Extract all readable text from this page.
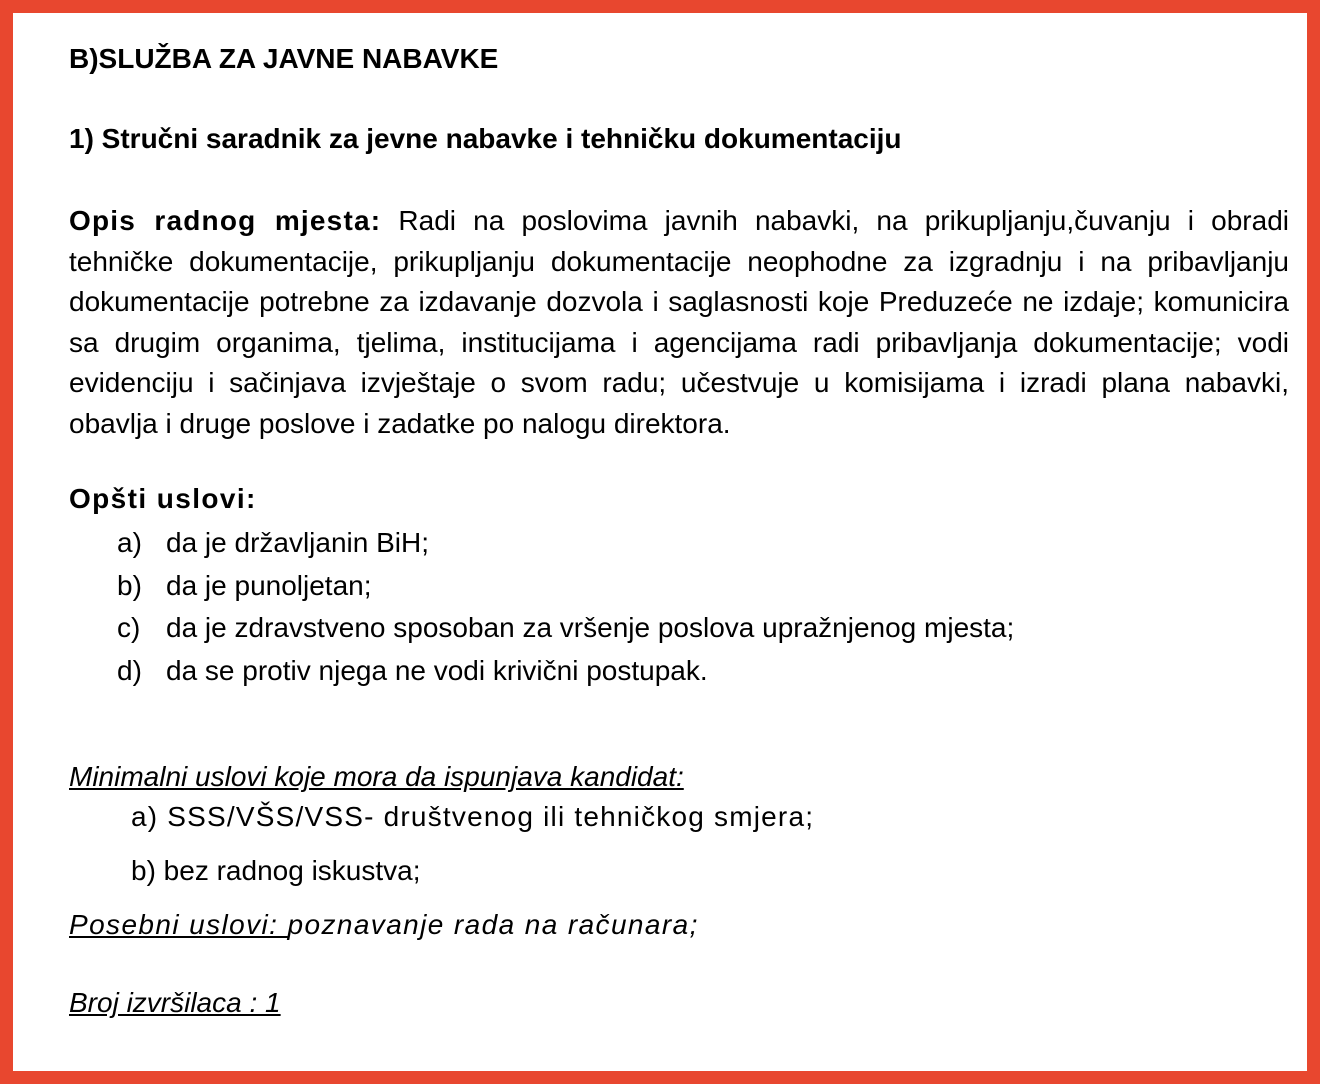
B)SLUŽBA ZA JAVNE NABAVKE
1) Stručni saradnik za jevne nabavke i tehničku dokumentaciju
Opis radnog mjesta: Radi na poslovima javnih nabavki, na prikupljanju,čuvanju i obradi tehničke dokumentacije, prikupljanju dokumentacije neophodne za izgradnju i na pribavljanju dokumentacije potrebne za izdavanje dozvola i saglasnosti koje Preduzeće ne izdaje; komunicira sa drugim organima, tjelima, institucijama i agencijama radi pribavljanja dokumentacije; vodi evidenciju i sačinjava izvještaje o svom radu; učestvuje u komisijama i izradi plana nabavki, obavlja i druge poslove i zadatke po nalogu direktora.
Opšti uslovi:
a) da je državljanin BiH;
b) da je punoljetan;
c) da je zdravstveno sposoban za vršenje poslova upražnjenog mjesta;
d) da se protiv njega ne vodi krivični postupak.
Minimalni uslovi koje mora da ispunjava kandidat:
a) SSS/VŠS/VSS- društvenog ili tehničkog smjera;
b) bez radnog iskustva;
Posebni uslovi: poznavanje rada na računara;
Broj izvršilaca : 1
